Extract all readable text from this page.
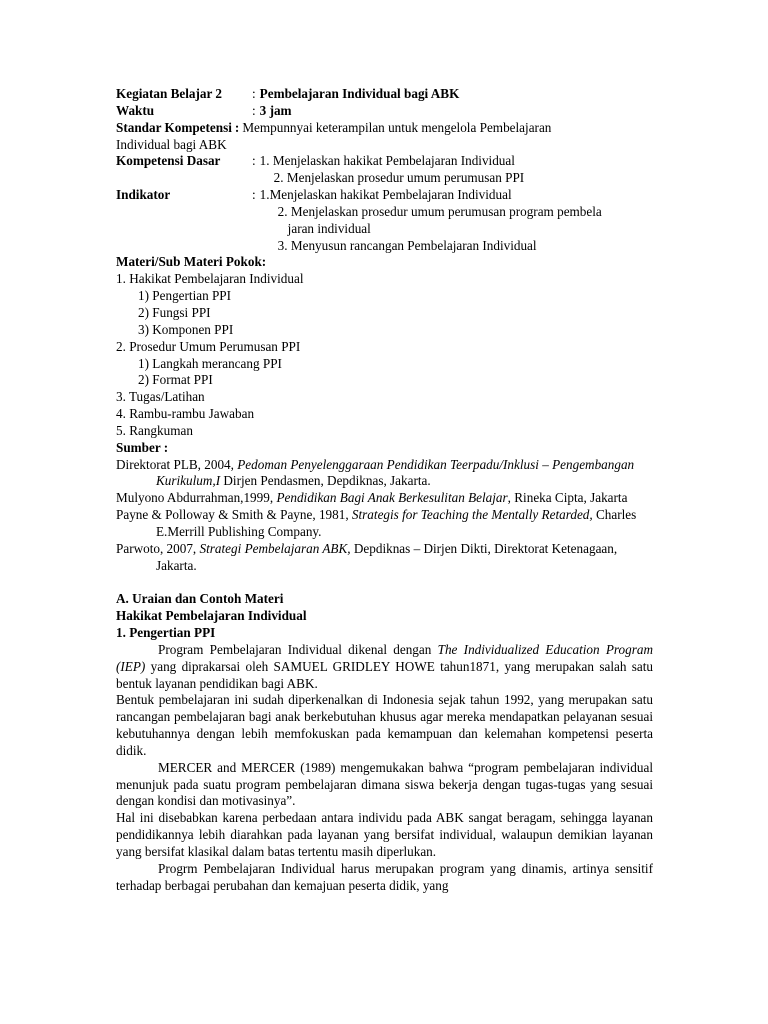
Kegiatan Belajar 2	: Pembelajaran Individual bagi ABK
Waktu	: 3 jam
Standar Kompetensi : Mempunnyai keterampilan untuk mengelola Pembelajaran
Individual bagi ABK
Kompetensi Dasar	: 1. Menjelaskan hakikat Pembelajaran Individual
2. Menjelaskan prosedur umum perumusan PPI
Indikator	: 1.Menjelaskan hakikat Pembelajaran Individual
2. Menjelaskan prosedur umum perumusan program pembela
jaran individual
3. Menyusun rancangan Pembelajaran Individual
Materi/Sub Materi Pokok:
1. Hakikat Pembelajaran Individual
1) Pengertian PPI
2) Fungsi PPI
3) Komponen PPI
2. Prosedur Umum Perumusan PPI
1) Langkah merancang PPI
2) Format PPI
3. Tugas/Latihan
4. Rambu-rambu Jawaban
5. Rangkuman
Sumber :

Direktorat PLB, 2004, Pedoman Penyelenggaraan Pendidikan Teerpadu/Inklusi – Pengembangan Kurikulum,I Dirjen Pendasmen, Depdiknas, Jakarta.

Mulyono Abdurrahman,1999, Pendidikan Bagi Anak Berkesulitan Belajar, Rineka Cipta, Jakarta

Payne & Polloway & Smith & Payne, 1981, Strategis for Teaching the Mentally Retarded, Charles E.Merrill Publishing Company.

Parwoto, 2007, Strategi Pembelajaran ABK, Depdiknas – Dirjen Dikti, Direktorat Ketenagaan, Jakarta.

A. Uraian dan Contoh Materi
Hakikat Pembelajaran Individual
1. Pengertian PPI

Program Pembelajaran Individual dikenal dengan The Individualized Education Program (IEP) yang diprakarsai oleh SAMUEL GRIDLEY HOWE tahun1871, yang merupakan salah satu bentuk layanan pendidikan bagi ABK.

Bentuk pembelajaran ini sudah diperkenalkan di Indonesia sejak tahun 1992, yang merupakan satu rancangan pembelajaran bagi anak berkebutuhan khusus agar mereka mendapatkan pelayanan sesuai kebutuhannya dengan lebih memfokuskan pada kemampuan dan kelemahan kompetensi peserta didik.

MERCER and MERCER (1989) mengemukakan bahwa “program pembelajaran individual menunjuk pada suatu program pembelajaran dimana siswa bekerja dengan tugas-tugas yang sesuai dengan kondisi dan motivasinya”.

Hal ini disebabkan karena perbedaan antara individu pada ABK sangat beragam, sehingga layanan pendidikannya lebih diarahkan pada layanan yang bersifat individual, walaupun demikian layanan yang bersifat klasikal dalam batas tertentu masih diperlukan.

Progrm Pembelajaran Individual harus merupakan program yang dinamis, artinya sensitif terhadap berbagai perubahan dan kemajuan peserta didik, yang
